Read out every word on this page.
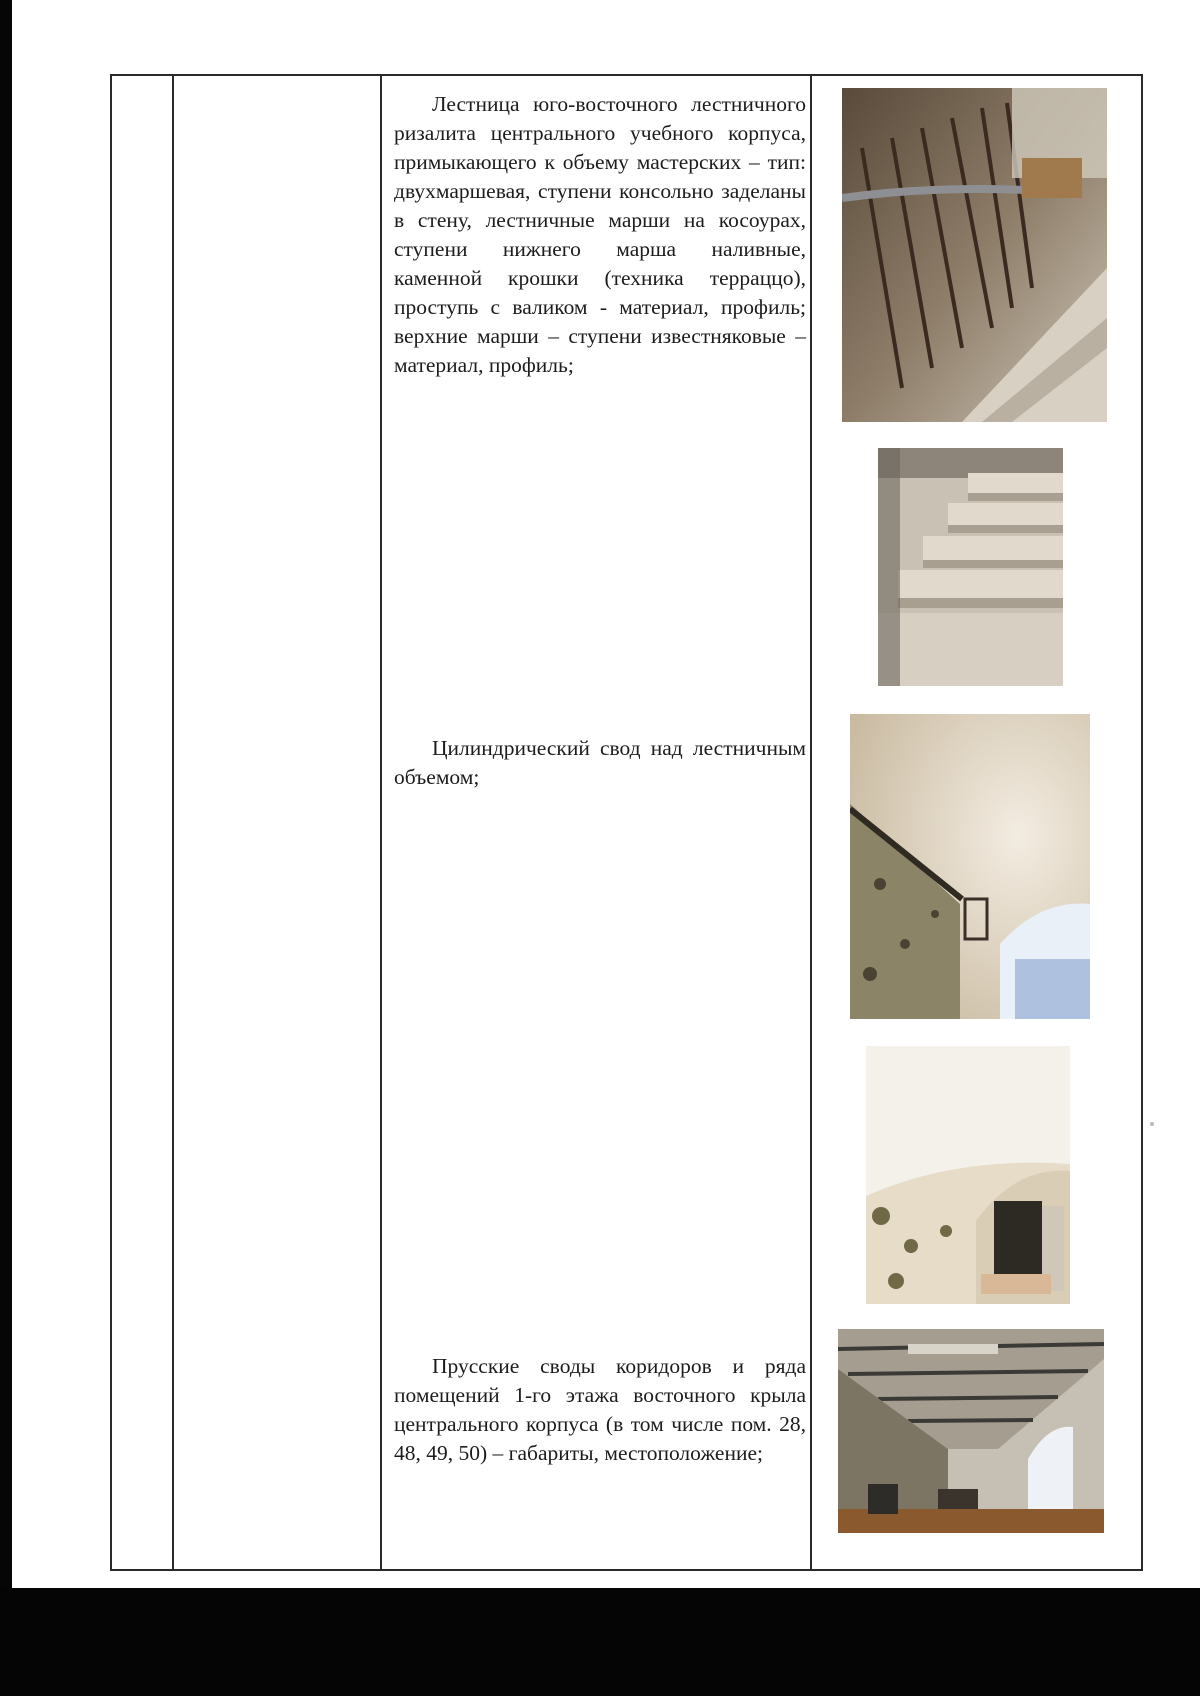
Лестница юго-восточного лестничного ризалита центрального учебного корпуса, примыкающего к объему мастерских – тип: двухмаршевая, ступени консольно заделаны в стену, лестничные марши на косоурах, ступени нижнего марша наливные, каменной крошки (техника терраццо), проступь с валиком - материал, профиль; верхние марши – ступени известняковые – материал, профиль;

Цилиндрический свод над лестничным объемом;

Прусские своды коридоров и ряда помещений 1-го этажа восточного крыла центрального корпуса (в том числе пом. 28, 48, 49, 50) – габариты, местоположение;
